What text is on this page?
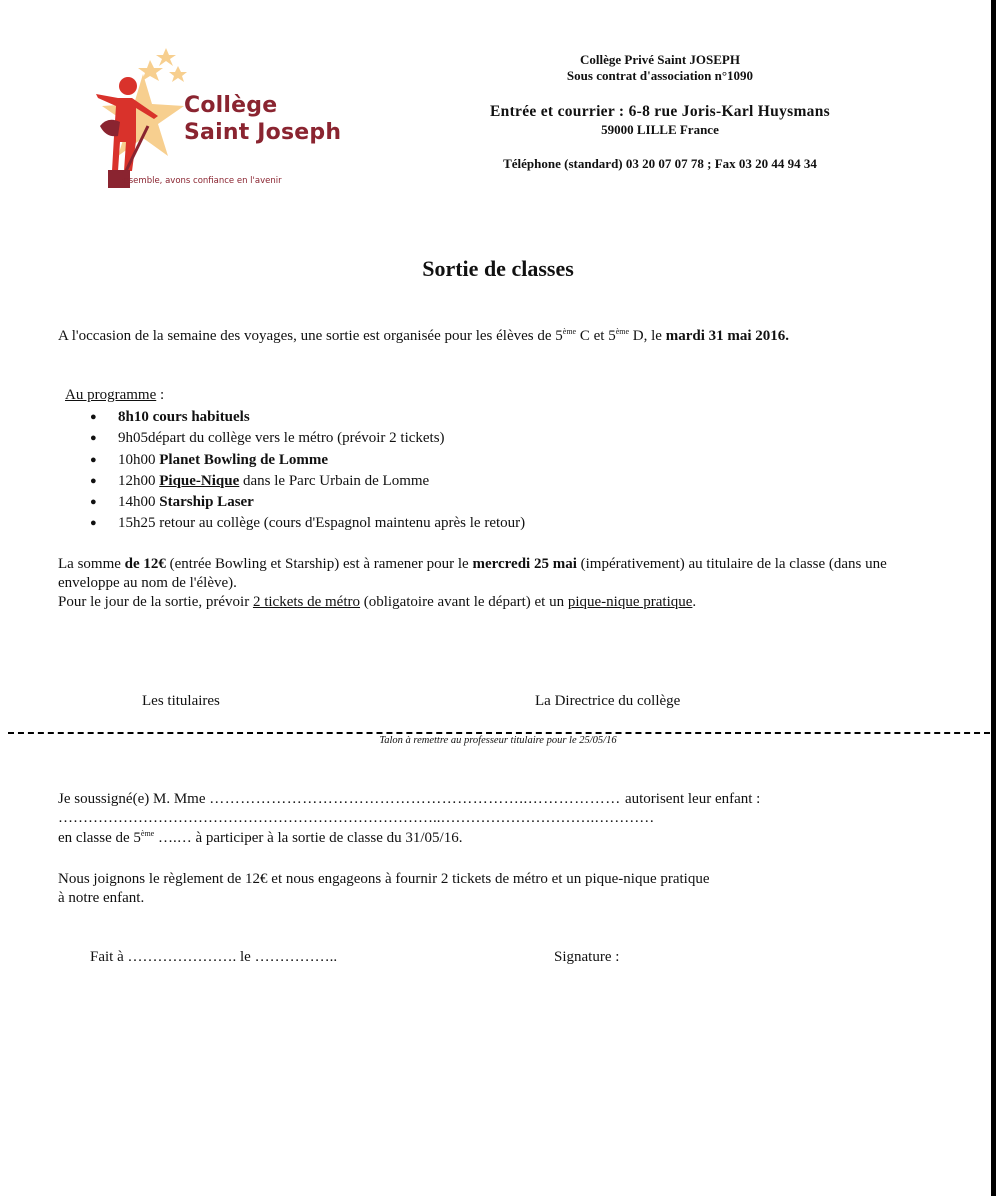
Collège
Saint Joseph
Ensemble, avons confiance en l'avenir
Collège Privé Saint JOSEPH
Sous contrat d'association n°1090
Entrée et courrier : 6-8 rue Joris-Karl Huysmans
59000 LILLE France
Téléphone (standard) 03 20 07 07 78 ; Fax 03 20 44 94 34
Sortie de classes
A l'occasion de la semaine des voyages, une sortie est organisée pour les élèves de 5ème C et 5ème D, le mardi 31 mai 2016.
Au programme :
●	8h10 cours habituels
●	9h05 départ du collège vers le métro (prévoir 2 tickets)
●	10h00 Planet Bowling de Lomme
●	12h00
Pique-Nique dans le Parc Urbain de Lomme
●	14h00 Starship Laser
●	15h25 retour au collège (cours d'Espagnol maintenu après le retour)
La somme de 12€ (entrée Bowling et Starship) est à ramener pour le mercredi 25 mai (impérativement) au titulaire de la classe (dans une enveloppe au nom de l'élève).
Pour le jour de la sortie, prévoir 2 tickets de métro (obligatoire avant le départ) et un pique-nique pratique.
Les titulaires	La Directrice du collège
Talon à remettre au professeur titulaire pour le 25/05/16
Je soussigné(e) M. Mme ……………………………………………………..……………… autorisent leur enfant :
…………………………………………………………………..………………………….…………
en classe de 5ème ….… à participer à la sortie de classe du 31/05/16.
Nous joignons le règlement de 12€ et nous engageons à fournir 2 tickets de métro et un pique-nique pratique
à notre enfant.
Fait à …………………. le ……………..	Signature :
